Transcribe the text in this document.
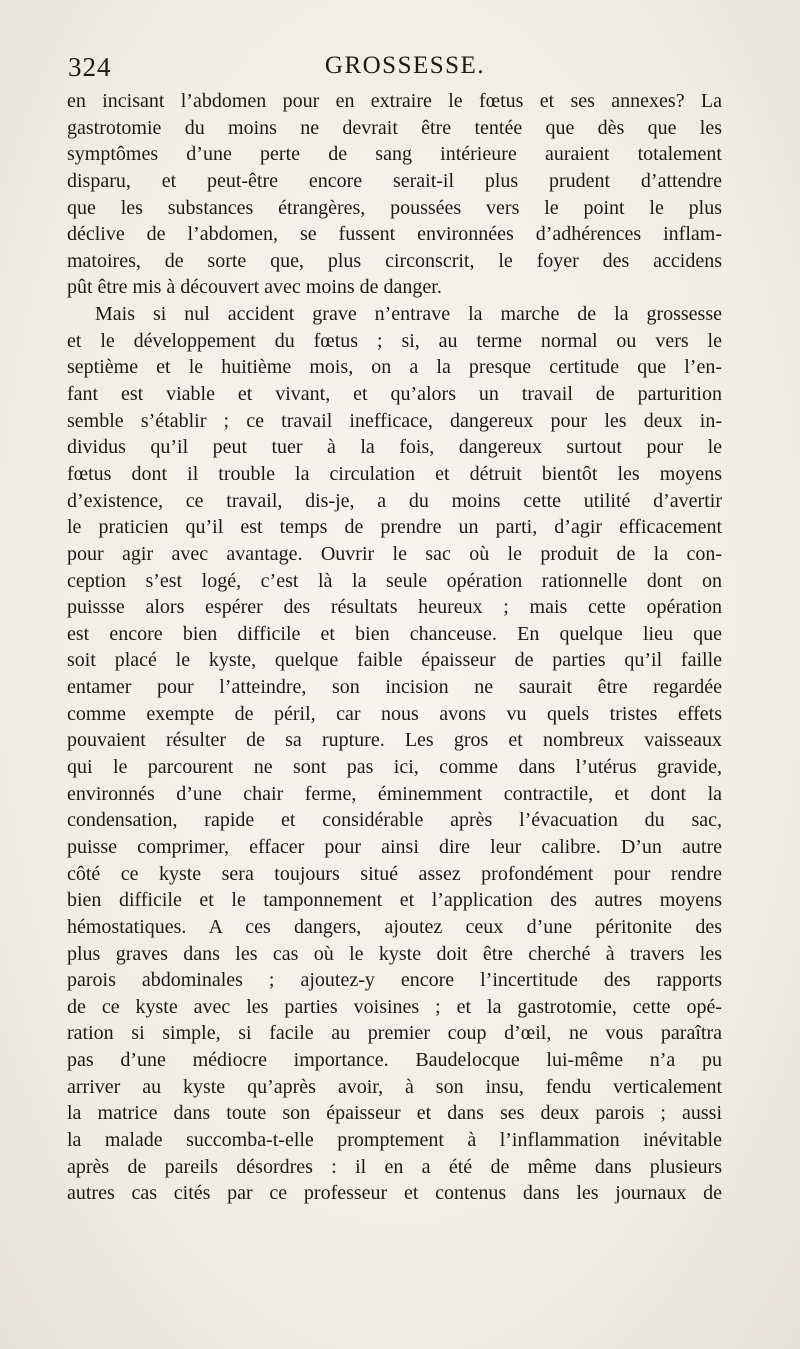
324	GROSSESSE.
en incisant l’abdomen pour en extraire le fœtus et ses annexes? La
gastrotomie du moins ne devrait être tentée que dès que les
symptômes d’une perte de sang intérieure auraient totalement
disparu, et peut-être encore serait-il plus prudent d’attendre
que les substances étrangères, poussées vers le point le plus
déclive de l’abdomen, se fussent environnées d’adhérences inflam-
matoires, de sorte que, plus circonscrit, le foyer des accidens
pût être mis à découvert avec moins de danger.
Mais si nul accident grave n’entrave la marche de la grossesse
et le développement du fœtus ; si, au terme normal ou vers le
septième et le huitième mois, on a la presque certitude que l’en-
fant est viable et vivant, et qu’alors un travail de parturition
semble s’établir ; ce travail inefficace, dangereux pour les deux in-
dividus qu’il peut tuer à la fois, dangereux surtout pour le
fœtus dont il trouble la circulation et détruit bientôt les moyens
d’existence, ce travail, dis-je, a du moins cette utilité d’avertir
le praticien qu’il est temps de prendre un parti, d’agir efficacement
pour agir avec avantage. Ouvrir le sac où le produit de la con-
ception s’est logé, c’est là la seule opération rationnelle dont on
puissse alors espérer des résultats heureux ; mais cette opération
est encore bien difficile et bien chanceuse. En quelque lieu que
soit placé le kyste, quelque faible épaisseur de parties qu’il faille
entamer pour l’atteindre, son incision ne saurait être regardée
comme exempte de péril, car nous avons vu quels tristes effets
pouvaient résulter de sa rupture. Les gros et nombreux vaisseaux
qui le parcourent ne sont pas ici, comme dans l’utérus gravide,
environnés d’une chair ferme, éminemment contractile, et dont la
condensation, rapide et considérable après l’évacuation du sac,
puisse comprimer, effacer pour ainsi dire leur calibre. D’un autre
côté ce kyste sera toujours situé assez profondément pour rendre
bien difficile et le tamponnement et l’application des autres moyens
hémostatiques. A ces dangers, ajoutez ceux d’une péritonite des
plus graves dans les cas où le kyste doit être cherché à travers les
parois abdominales ; ajoutez-y encore l’incertitude des rapports
de ce kyste avec les parties voisines ; et la gastrotomie, cette opé-
ration si simple, si facile au premier coup d’œil, ne vous paraîtra
pas d’une médiocre importance. Baudelocque lui-même n’a pu
arriver au kyste qu’après avoir, à son insu, fendu verticalement
la matrice dans toute son épaisseur et dans ses deux parois ; aussi
la malade succomba-t-elle promptement à l’inflammation inévitable
après de pareils désordres : il en a été de même dans plusieurs
autres cas cités par ce professeur et contenus dans les journaux de
